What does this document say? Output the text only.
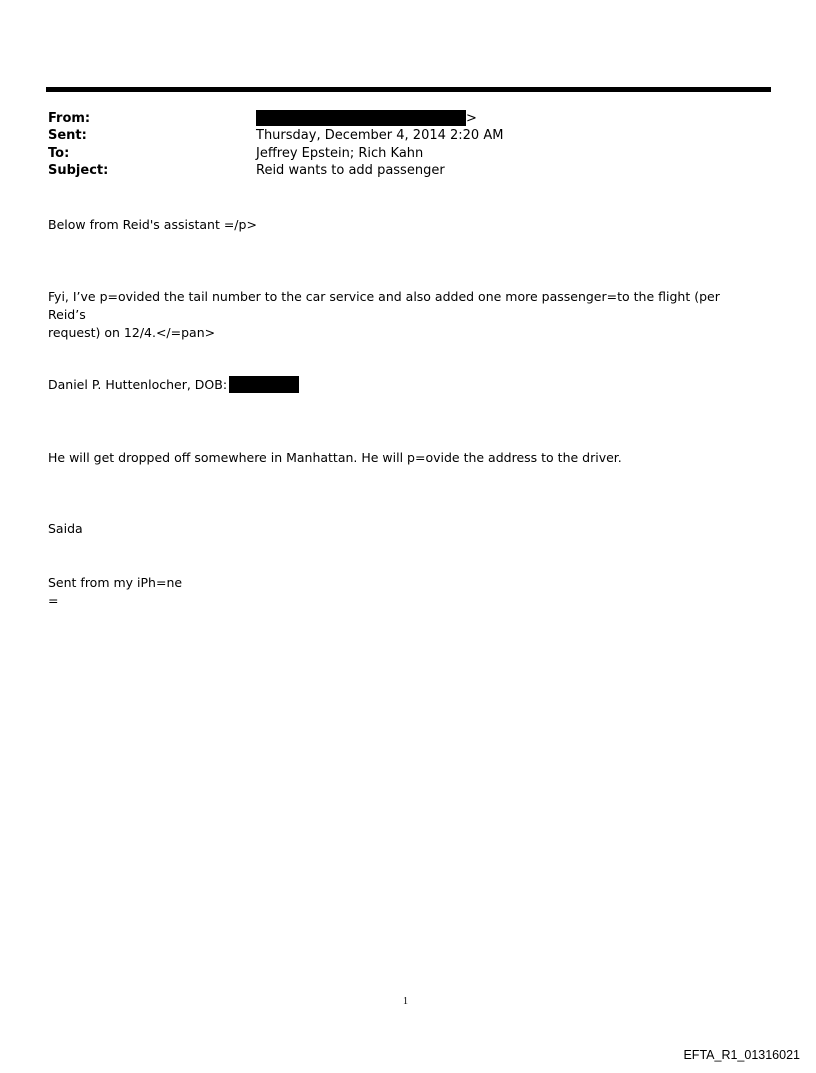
From:	>
Sent:	Thursday, December 4, 2014 2:20 AM
To:	Jeffrey Epstein; Rich Kahn
Subject:	Reid wants to add passenger
Below from Reid's assistant =/p>
Fyi, I’ve p=ovided the tail number to the car service and also added one more passenger=to the flight (per Reid’s
request) on 12/4.</=pan>
Daniel P. Huttenlocher, DOB:
He will get dropped off somewhere in Manhattan. He will p=ovide the address to the driver.
Saida
Sent from my iPh=ne
=
1
EFTA_R1_01316021
